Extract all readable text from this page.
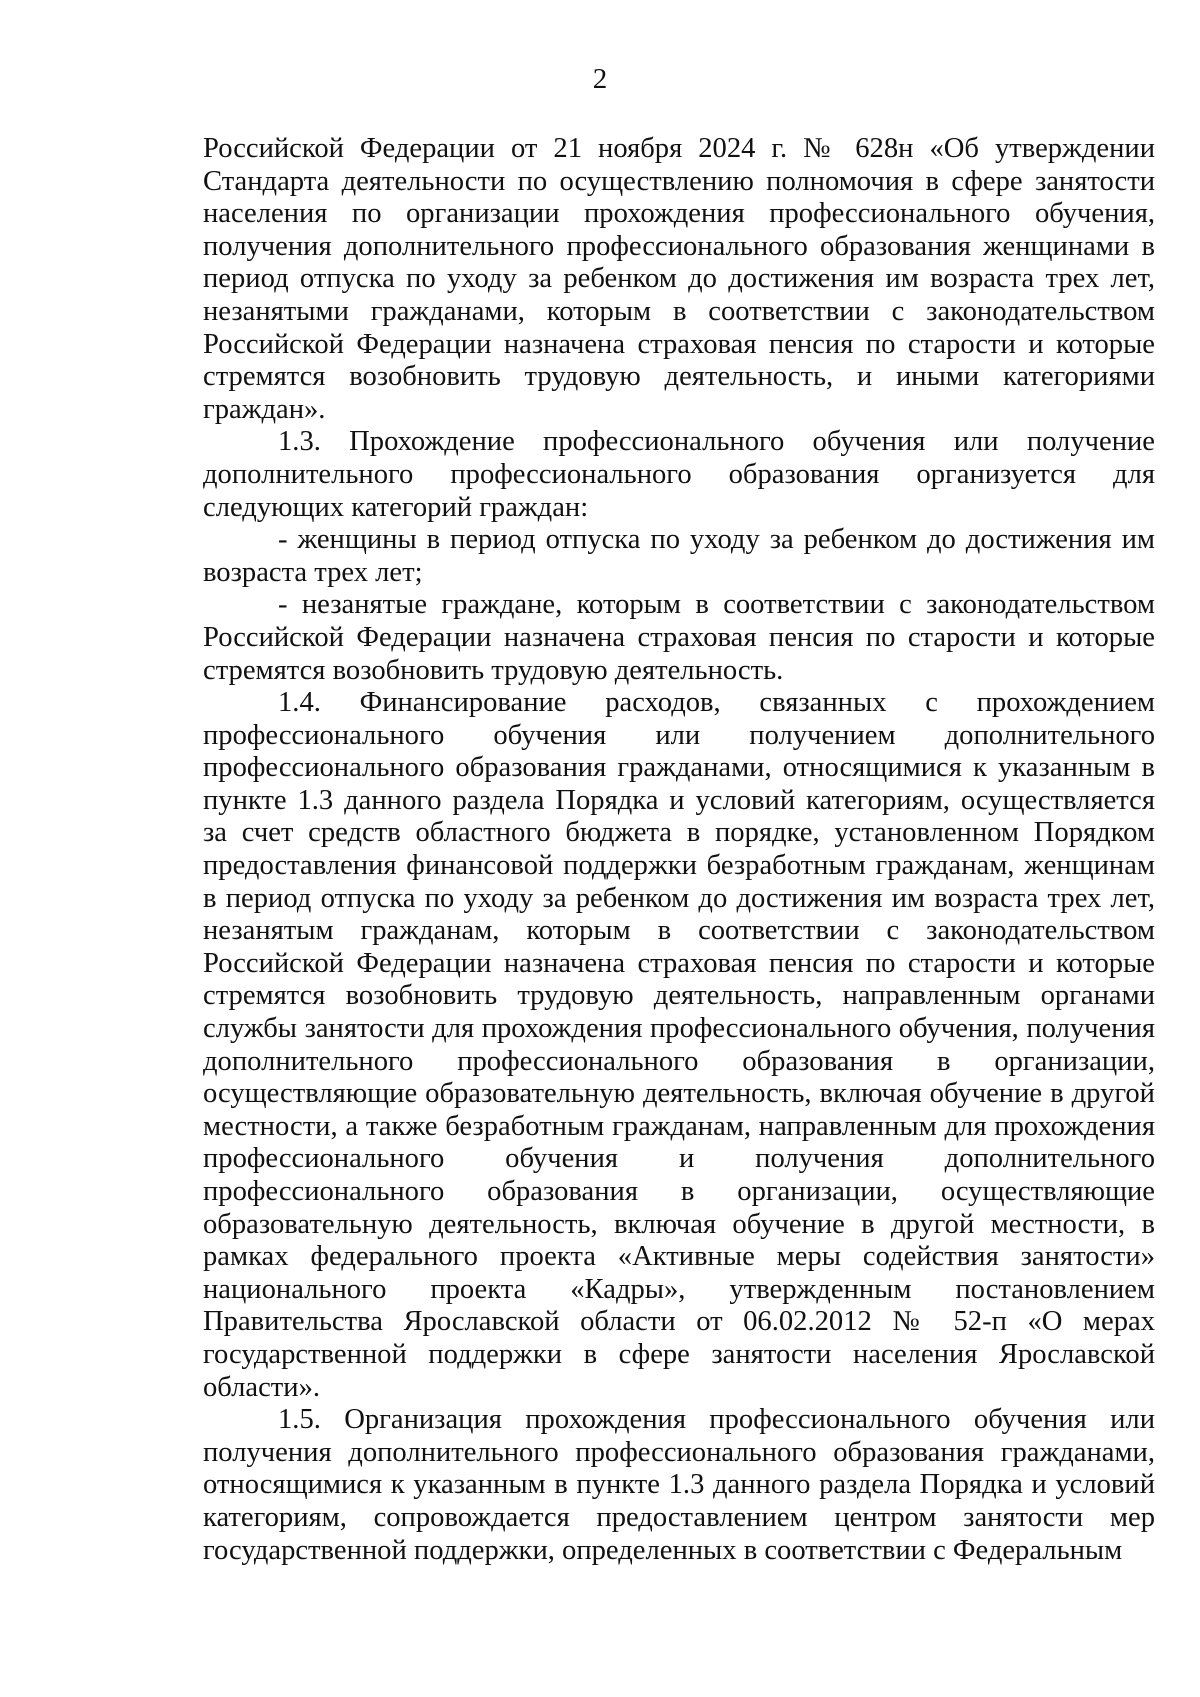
2

Российской Федерации от 21 ноября 2024 г. № 628н «Об утверждении Стандарта деятельности по осуществлению полномочия в сфере занятости населения по организации прохождения профессионального обучения, получения дополнительного профессионального образования женщинами в период отпуска по уходу за ребенком до достижения им возраста трех лет, незанятыми гражданами, которым в соответствии с законодательством Российской Федерации назначена страховая пенсия по старости и которые стремятся возобновить трудовую деятельность, и иными категориями граждан».

1.3. Прохождение профессионального обучения или получение дополнительного профессионального образования организуется для следующих категорий граждан:

- женщины в период отпуска по уходу за ребенком до достижения им возраста трех лет;

- незанятые граждане, которым в соответствии с законодательством Российской Федерации назначена страховая пенсия по старости и которые стремятся возобновить трудовую деятельность.

1.4. Финансирование расходов, связанных с прохождением профессионального обучения или получением дополнительного профессионального образования гражданами, относящимися к указанным в пункте 1.3 данного раздела Порядка и условий категориям, осуществляется за счет средств областного бюджета в порядке, установленном Порядком предоставления финансовой поддержки безработным гражданам, женщинам в период отпуска по уходу за ребенком до достижения им возраста трех лет, незанятым гражданам, которым в соответствии с законодательством Российской Федерации назначена страховая пенсия по старости и которые стремятся возобновить трудовую деятельность, направленным органами службы занятости для прохождения профессионального обучения, получения дополнительного профессионального образования в организации, осуществляющие образовательную деятельность, включая обучение в другой местности, а также безработным гражданам, направленным для прохождения профессионального обучения и получения дополнительного профессионального образования в организации, осуществляющие образовательную деятельность, включая обучение в другой местности, в рамках федерального проекта «Активные меры содействия занятости» национального проекта «Кадры», утвержденным постановлением Правительства Ярославской области от 06.02.2012 № 52-п «О мерах государственной поддержки в сфере занятости населения Ярославской области».

1.5. Организация прохождения профессионального обучения или получения дополнительного профессионального образования гражданами, относящимися к указанным в пункте 1.3 данного раздела Порядка и условий категориям, сопровождается предоставлением центром занятости мер государственной поддержки, определенных в соответствии с Федеральным
